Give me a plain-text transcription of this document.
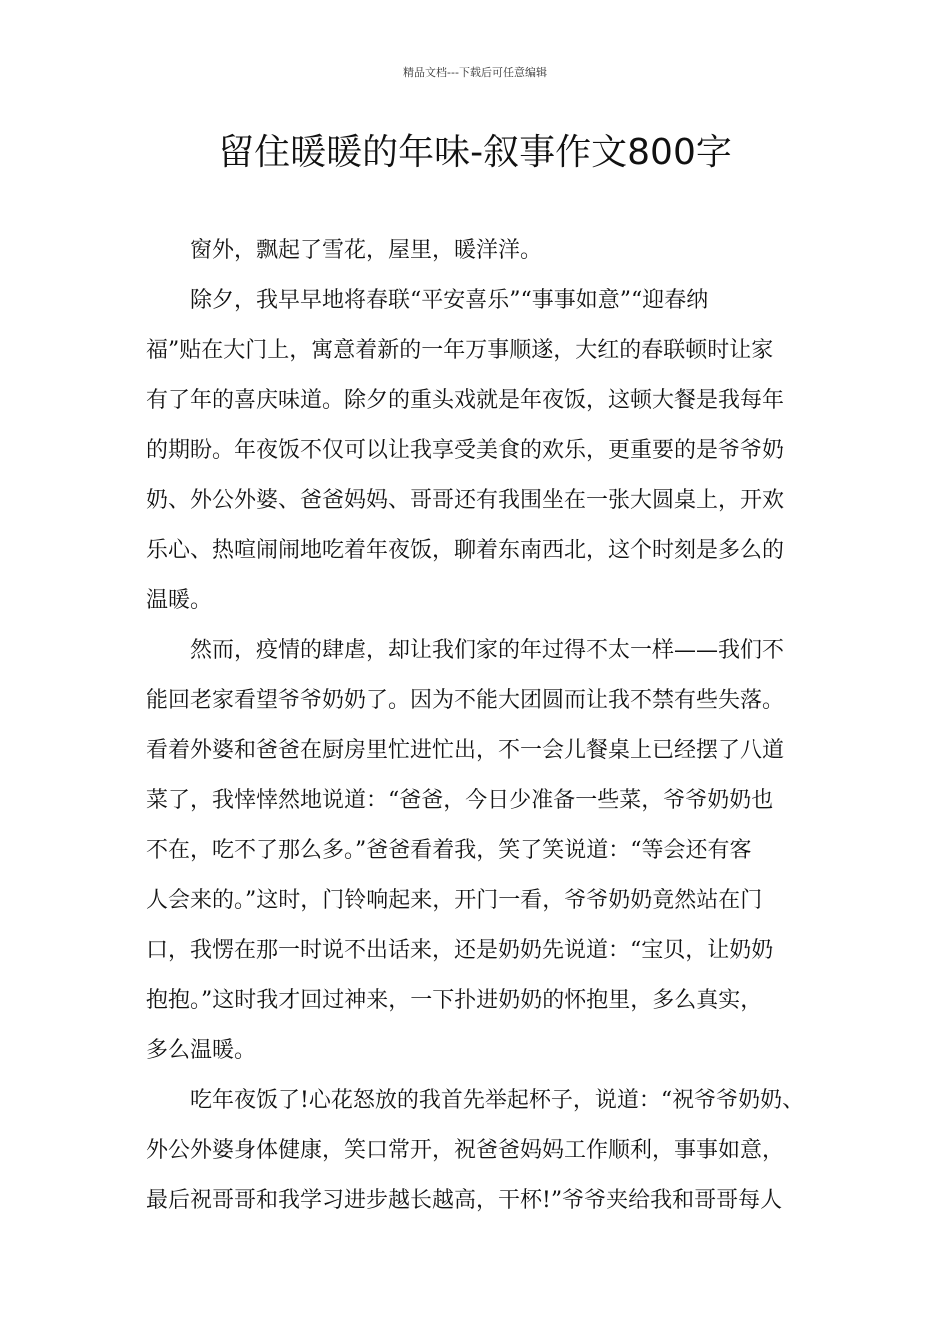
精品文档---下载后可任意编辑
留住暖暖的年味-叙事作文800字

窗外，飘起了雪花，屋里，暖洋洋。

除夕，我早早地将春联“平安喜乐”“事事如意”“迎春纳
福”贴在大门上，寓意着新的一年万事顺遂，大红的春联顿时让家
有了年的喜庆味道。除夕的重头戏就是年夜饭，这顿大餐是我每年
的期盼。年夜饭不仅可以让我享受美食的欢乐，更重要的是爷爷奶
奶、外公外婆、爸爸妈妈、哥哥还有我围坐在一张大圆桌上，开欢
乐心、热喧闹闹地吃着年夜饭，聊着东南西北，这个时刻是多么的
温暖。

然而，疫情的肆虐，却让我们家的年过得不太一样——我们不
能回老家看望爷爷奶奶了。因为不能大团圆而让我不禁有些失落。
看着外婆和爸爸在厨房里忙进忙出，不一会儿餐桌上已经摆了八道
菜了，我悻悻然地说道：“爸爸，今日少准备一些菜，爷爷奶奶也
不在，吃不了那么多。”爸爸看着我，笑了笑说道：“等会还有客
人会来的。”这时，门铃响起来，开门一看，爷爷奶奶竟然站在门
口，我愣在那一时说不出话来，还是奶奶先说道：“宝贝，让奶奶
抱抱。”这时我才回过神来，一下扑进奶奶的怀抱里，多么真实，
多么温暖。

吃年夜饭了!心花怒放的我首先举起杯子，说道：“祝爷爷奶奶、
外公外婆身体健康，笑口常开，祝爸爸妈妈工作顺利，事事如意，
最后祝哥哥和我学习进步越长越高，干杯!”爷爷夹给我和哥哥每人
